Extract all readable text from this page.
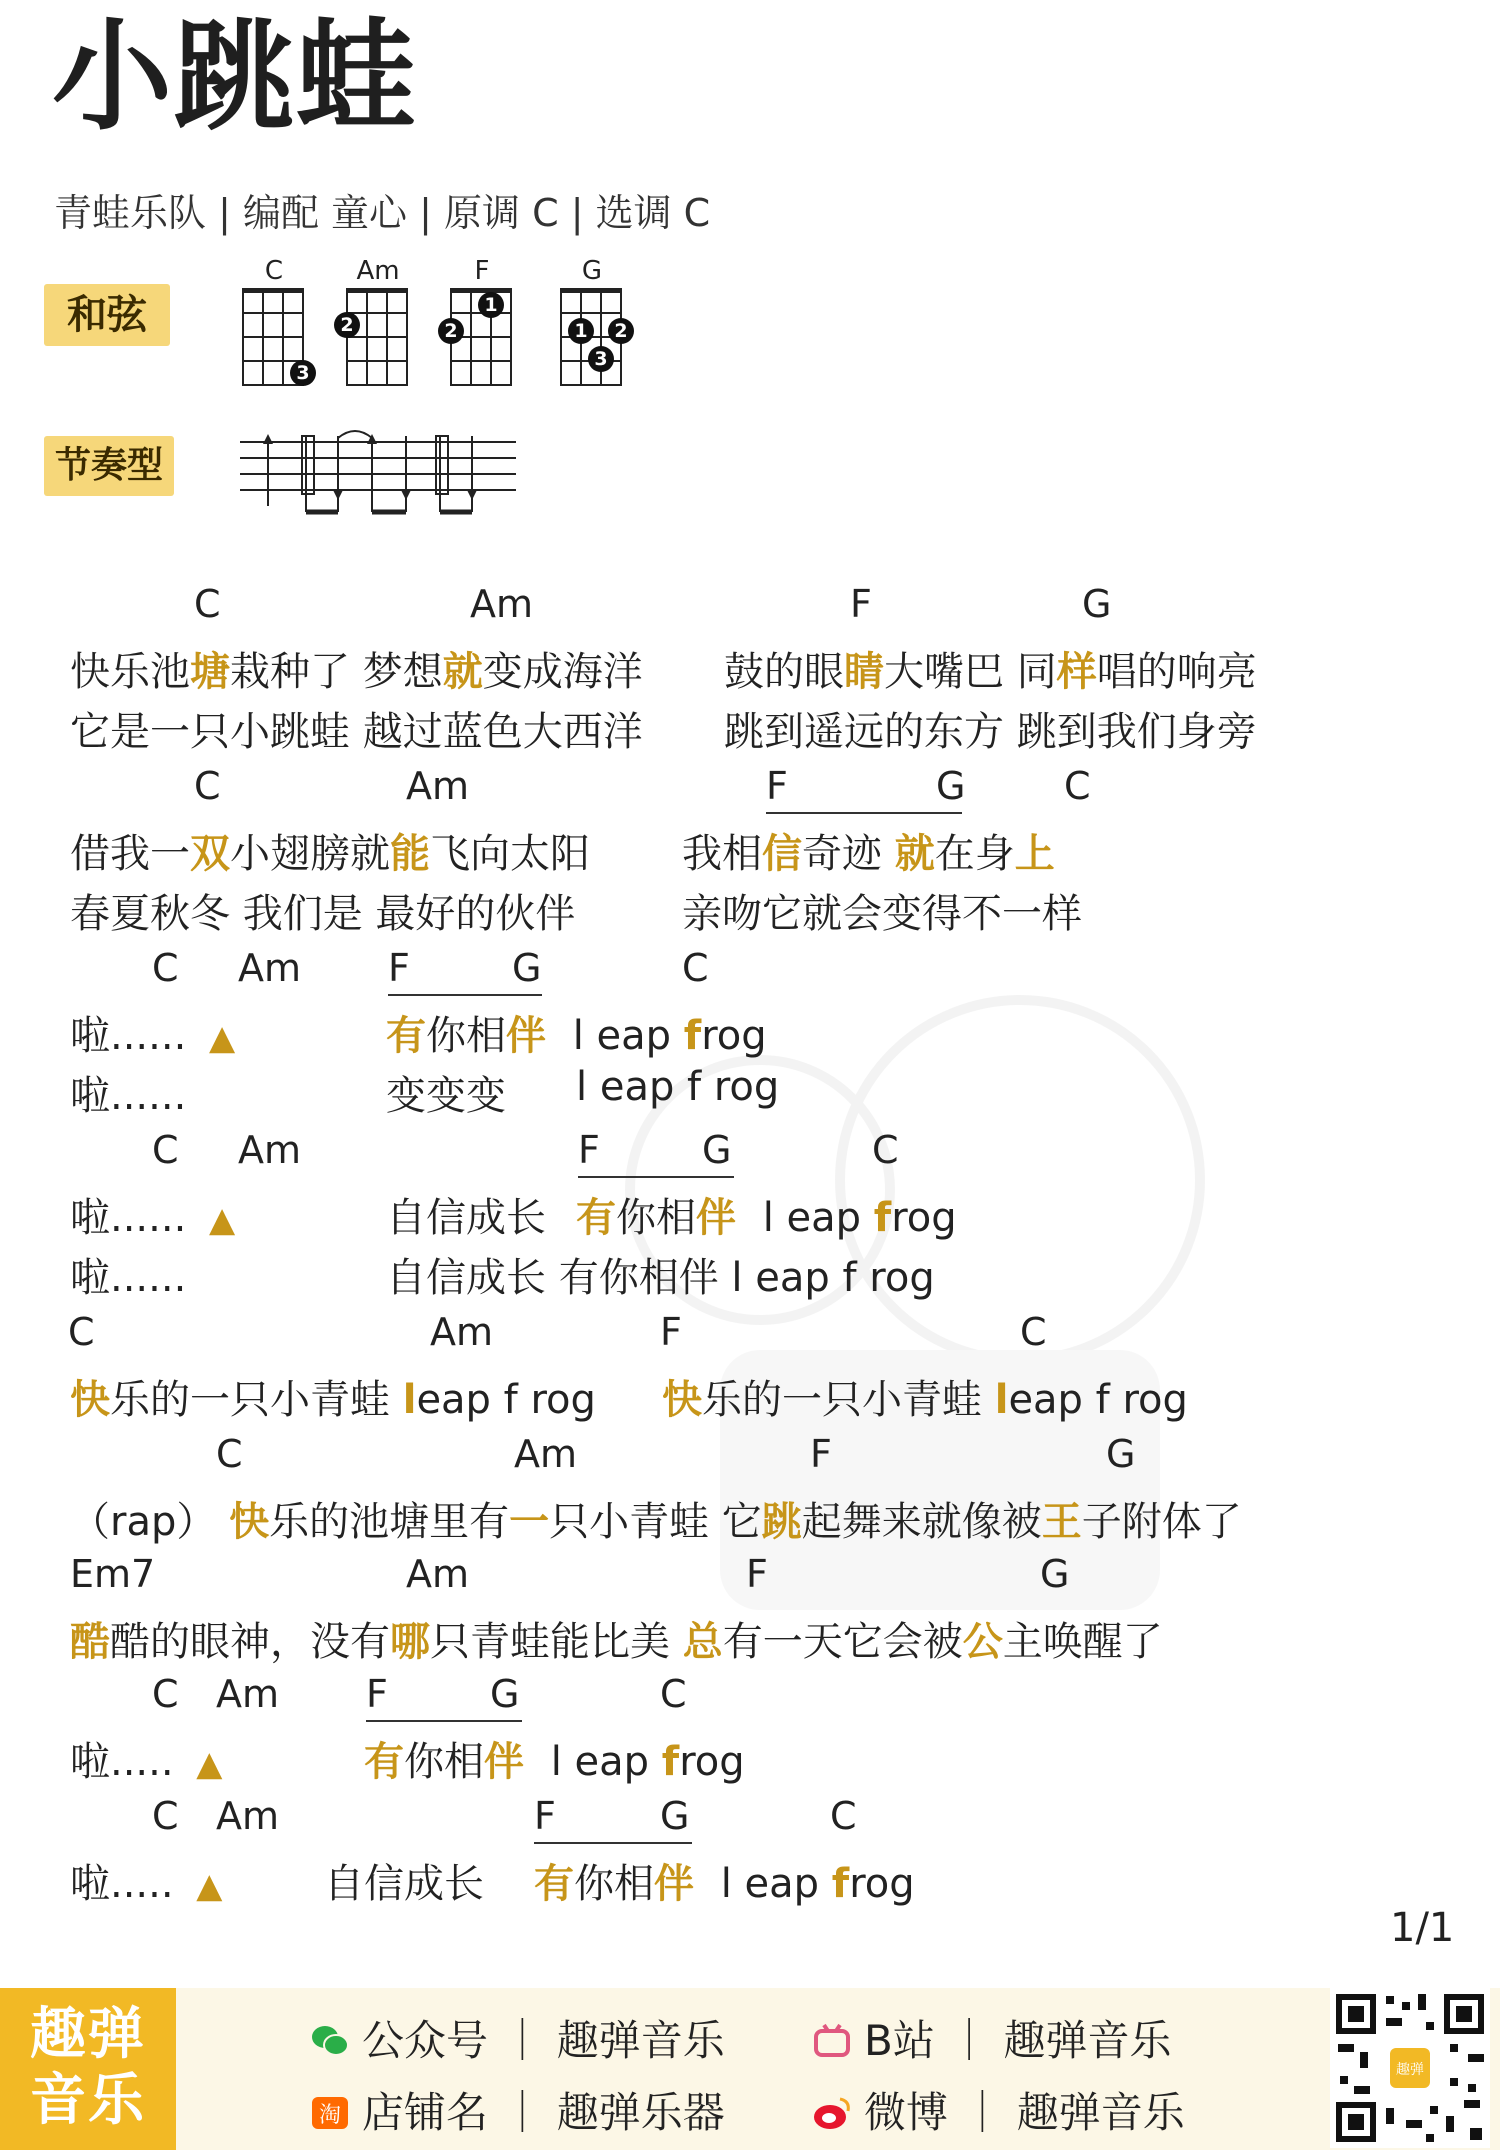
小跳蛙
青蛙乐队 | 编配 童心 | 原调 C | 选调 C
和弦
节奏型
C
3
Am
2
F
1
2
G
1	2
3
C	Am	F	G
快乐池塘栽种了 梦想就变成海洋 鼓的眼睛大嘴巴 同样唱的响亮
它是一只小跳蛙 越过蓝色大西洋 跳到遥远的东方 跳到我们身旁
C	Am	F	G	C
借我一双小翅膀就能飞向太阳 我相信奇迹 就在身上
春夏秋冬 我们是 最好的伙伴	亲吻它就会变得不一样
C Am F	G	C
啦...... ▲	有你相伴 l eap frog
啦......	变变变 l eap f rog
C Am	F	G	C
啦...... ▲	自信成长 有你相伴 l eap frog
啦......	自信成长 有你相伴 l eap f rog
C	Am	F	C
快乐的一只小青蛙 leap f rog 快乐的一只小青蛙 leap f rog
C	Am	F	G
（rap） 快乐的池塘里有一只小青蛙 它跳起舞来就像被王子附体了
Em7	Am	F	G
酷酷的眼神，没有哪只青蛙能比美 总有一天它会被公主唤醒了
C Am F	G	C
啦..... ▲	有你相伴 l eap frog
C Am	F	G	C
啦..... ▲	自信成长 有你相伴 l eap frog
1/1
趣弹
音乐
公众号 ｜ 趣弹音乐	B站 ｜ 趣弹音乐
淘 店铺名 ｜ 趣弹乐器	微博 ｜ 趣弹音乐
趣弹
